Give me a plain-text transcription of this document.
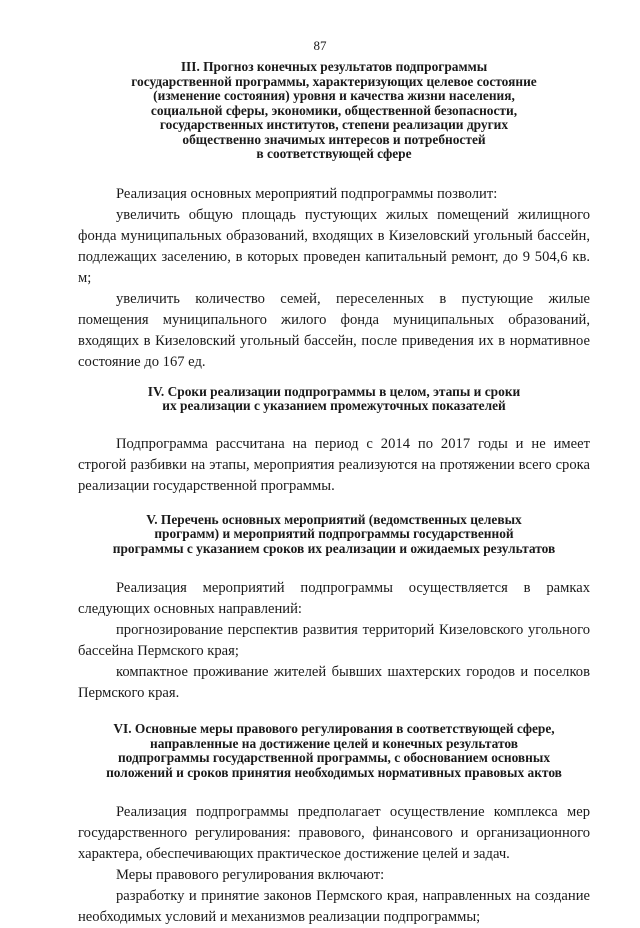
87
III. Прогноз конечных результатов подпрограммы
государственной программы, характеризующих целевое состояние
(изменение состояния) уровня и качества жизни населения,
социальной сферы, экономики, общественной безопасности,
государственных институтов, степени реализации других
общественно значимых интересов и потребностей
в соответствующей сфере

Реализация основных мероприятий подпрограммы позволит:

увеличить общую площадь пустующих жилых помещений жилищного фонда муниципальных образований, входящих в Кизеловский угольный бассейн, подлежащих заселению, в которых проведен капитальный ремонт, до 9 504,6 кв. м;

увеличить количество семей, переселенных в пустующие жилые помещения муниципального жилого фонда муниципальных образований, входящих в Кизеловский угольный бассейн, после приведения их в нормативное состояние до 167 ед.

IV. Сроки реализации подпрограммы в целом, этапы и сроки
их реализации с указанием промежуточных показателей

Подпрограмма рассчитана на период с 2014 по 2017 годы и не имеет строгой разбивки на этапы, мероприятия реализуются на протяжении всего срока реализации государственной программы.

V. Перечень основных мероприятий (ведомственных целевых
программ) и мероприятий подпрограммы государственной
программы с указанием сроков их реализации и ожидаемых результатов

Реализация мероприятий подпрограммы осуществляется в рамках следующих основных направлений:

прогнозирование перспектив развития территорий Кизеловского угольного бассейна Пермского края;

компактное проживание жителей бывших шахтерских городов и поселков Пермского края.

VI. Основные меры правового регулирования в соответствующей сфере,
направленные на достижение целей и конечных результатов
подпрограммы государственной программы, с обоснованием основных
положений и сроков принятия необходимых нормативных правовых актов

Реализация подпрограммы предполагает осуществление комплекса мер государственного регулирования: правового, финансового и организационного характера, обеспечивающих практическое достижение целей и задач.

Меры правового регулирования включают:

разработку и принятие законов Пермского края, направленных на создание необходимых условий и механизмов реализации подпрограммы;
